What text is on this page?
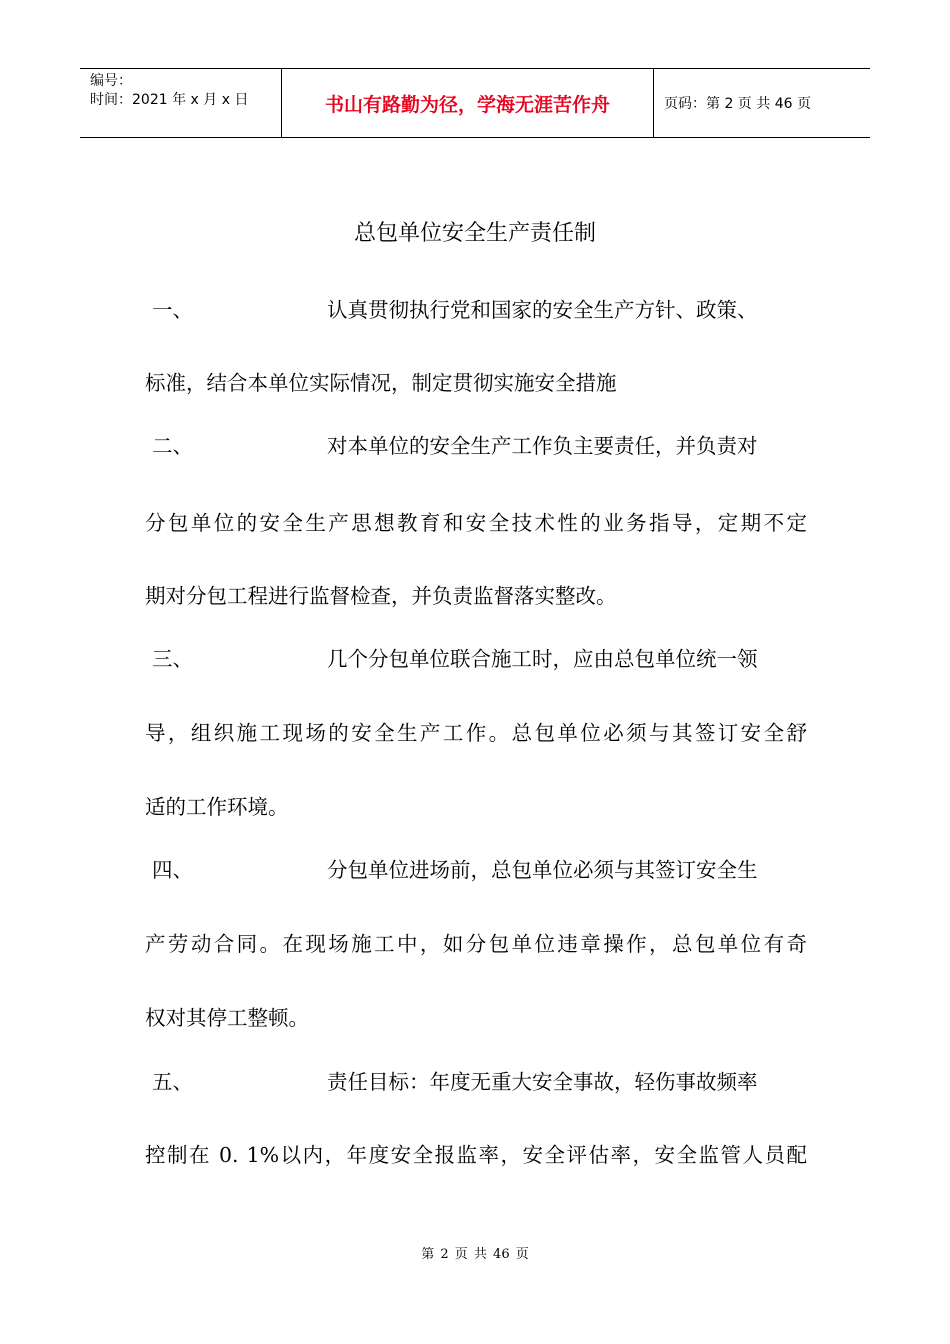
编号：
时间：2021 年 x 月 x 日	书山有路勤为径，学海无涯苦作舟	页码：第 2 页 共 46 页
总包单位安全生产责任制
一、	认真贯彻执行党和国家的安全生产方针、政策、
标准，结合本单位实际情况，制定贯彻实施安全措施
二、	对本单位的安全生产工作负主要责任，并负责对
分包单位的安全生产思想教育和安全技术性的业务指导，定期不定
期对分包工程进行监督检查，并负责监督落实整改。
三、	几个分包单位联合施工时，应由总包单位统一领
导，组织施工现场的安全生产工作。总包单位必须与其签订安全舒
适的工作环境。
四、	分包单位进场前，总包单位必须与其签订安全生
产劳动合同。在现场施工中，如分包单位违章操作，总包单位有奇
权对其停工整顿。
五、	责任目标：年度无重大安全事故，轻伤事故频率
控制在 0. 1%以内，年度安全报监率，安全评估率，安全监管人员配
第 2 页 共 46 页
